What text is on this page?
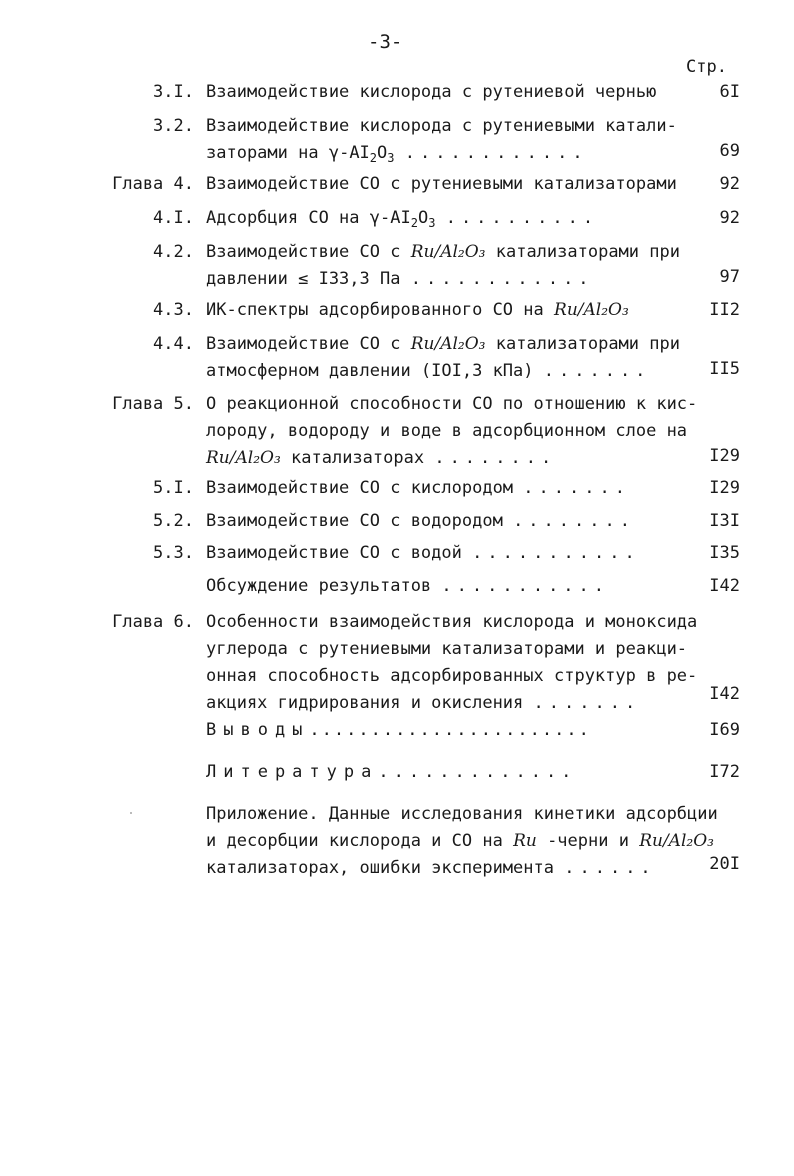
-3-
Стр.
3.I. Взаимодействие кислорода с рутениевой чернью	6I
3.2. Взаимодействие кислорода с рутениевыми катали-
заторами на $\gamma-AI_2O_3$ ............	69
Глава 4. Взаимодействие CO с рутениевыми катализаторами	92
4.I. Адсорбция CO на $\gamma-AI_2O_3$ ..........	92
4.2. Взаимодействие CO с Ru/Al₂O₃ катализаторами при
давлении ≤ I33,3 Па ............	97
4.3. ИК-спектры адсорбированного CO на Ru/Al₂O₃	II2
4.4. Взаимодействие CO с Ru/Al₂O₃ катализаторами при
атмосферном давлении (IOI,3 кПа) .......	II5
Глава 5. O реакционной способности CO по отношению к кис-
лороду, водороду и воде в адсорбционном слое на
Ru/Al₂O₃ катализаторах ........	I29
5.I. Взаимодействие CO с кислородом .......	I29
5.2. Взаимодействие CO с водородом ........	I3I
5.3. Взаимодействие CO с водой ...........	I35
Обсуждение результатов ...........	I42
Глава 6. Особенности взаимодействия кислорода и моноксида
углерода с рутениевыми катализаторами и реакци-
онная способность адсорбированных структур в ре-
акциях гидрирования и окисления .......	I42
Выводы.......................	I69
Литература.............	I72
Приложение. Данные исследования кинетики адсорбции
и десорбции кислорода и CO на Ru -черни и Ru/Al₂O₃
катализаторах, ошибки эксперимента ......	20I
